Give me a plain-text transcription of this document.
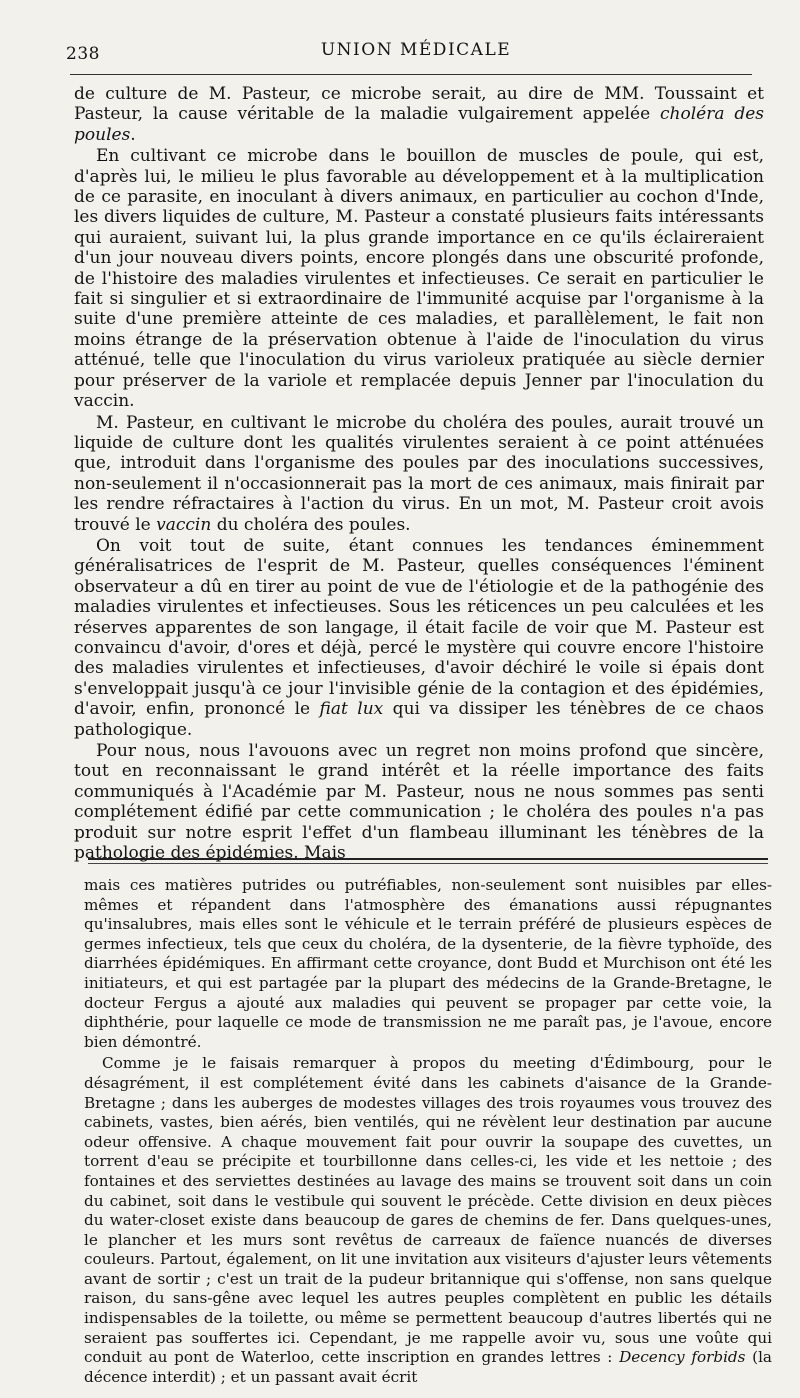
238	UNION MÉDICALE

de culture de M. Pasteur, ce microbe serait, au dire de MM. Toussaint et Pasteur, la cause véritable de la maladie vulgairement appelée choléra des poules.

En cultivant ce microbe dans le bouillon de muscles de poule, qui est, d'après lui, le milieu le plus favorable au développement et à la multiplication de ce parasite, en inoculant à divers animaux, en particulier au cochon d'Inde, les divers liquides de culture, M. Pasteur a constaté plusieurs faits intéressants qui auraient, suivant lui, la plus grande importance en ce qu'ils éclaireraient d'un jour nouveau divers points, encore plongés dans une obscurité profonde, de l'histoire des maladies virulentes et infectieuses. Ce serait en particulier le fait si singulier et si extraordinaire de l'immunité acquise par l'organisme à la suite d'une première atteinte de ces maladies, et parallèlement, le fait non moins étrange de la préservation obtenue à l'aide de l'inoculation du virus atténué, telle que l'inoculation du virus varioleux pratiquée au siècle dernier pour préserver de la variole et remplacée depuis Jenner par l'inoculation du vaccin.

M. Pasteur, en cultivant le microbe du choléra des poules, aurait trouvé un liquide de culture dont les qualités virulentes seraient à ce point atténuées que, introduit dans l'organisme des poules par des inoculations successives, non-seulement il n'occasionnerait pas la mort de ces animaux, mais finirait par les rendre réfractaires à l'action du virus. En un mot, M. Pasteur croit avois trouvé le vaccin du choléra des poules.

On voit tout de suite, étant connues les tendances éminemment généralisatrices de l'esprit de M. Pasteur, quelles conséquences l'éminent observateur a dû en tirer au point de vue de l'étiologie et de la pathogénie des maladies virulentes et infectieuses. Sous les réticences un peu calculées et les réserves apparentes de son langage, il était facile de voir que M. Pasteur est convaincu d'avoir, d'ores et déjà, percé le mystère qui couvre encore l'histoire des maladies virulentes et infectieuses, d'avoir déchiré le voile si épais dont s'enveloppait jusqu'à ce jour l'invisible génie de la contagion et des épidémies, d'avoir, enfin, prononcé le fiat lux qui va dissiper les ténèbres de ce chaos pathologique.

Pour nous, nous l'avouons avec un regret non moins profond que sincère, tout en reconnaissant le grand intérêt et la réelle importance des faits communiqués à l'Académie par M. Pasteur, nous ne nous sommes pas senti complétement édifié par cette communication ; le choléra des poules n'a pas produit sur notre esprit l'effet d'un flambeau illuminant les ténèbres de la pathologie des épidémies. Mais

mais ces matières putrides ou putréfiables, non-seulement sont nuisibles par elles-mêmes et répandent dans l'atmosphère des émanations aussi répugnantes qu'insalubres, mais elles sont le véhicule et le terrain préféré de plusieurs espèces de germes infectieux, tels que ceux du choléra, de la dysenterie, de la fièvre typhoïde, des diarrhées épidémiques. En affirmant cette croyance, dont Budd et Murchison ont été les initiateurs, et qui est partagée par la plupart des médecins de la Grande-Bretagne, le docteur Fergus a ajouté aux maladies qui peuvent se propager par cette voie, la diphthérie, pour laquelle ce mode de transmission ne me paraît pas, je l'avoue, encore bien démontré.

Comme je le faisais remarquer à propos du meeting d'Édimbourg, pour le désagrément, il est complétement évité dans les cabinets d'aisance de la Grande-Bretagne ; dans les auberges de modestes villages des trois royaumes vous trouvez des cabinets, vastes, bien aérés, bien ventilés, qui ne révèlent leur destination par aucune odeur offensive. A chaque mouvement fait pour ouvrir la soupape des cuvettes, un torrent d'eau se précipite et tourbillonne dans celles-ci, les vide et les nettoie ; des fontaines et des serviettes destinées au lavage des mains se trouvent soit dans un coin du cabinet, soit dans le vestibule qui souvent le précède. Cette division en deux pièces du water-closet existe dans beaucoup de gares de chemins de fer. Dans quelques-unes, le plancher et les murs sont revêtus de carreaux de faïence nuancés de diverses couleurs. Partout, également, on lit une invitation aux visiteurs d'ajuster leurs vêtements avant de sortir ; c'est un trait de la pudeur britannique qui s'offense, non sans quelque raison, du sans-gêne avec lequel les autres peuples complètent en public les détails indispensables de la toilette, ou même se permettent beaucoup d'autres libertés qui ne seraient pas souffertes ici. Cependant, je me rappelle avoir vu, sous une voûte qui conduit au pont de Waterloo, cette inscription en grandes lettres : Decency forbids (la décence interdit) ; et un passant avait écrit
